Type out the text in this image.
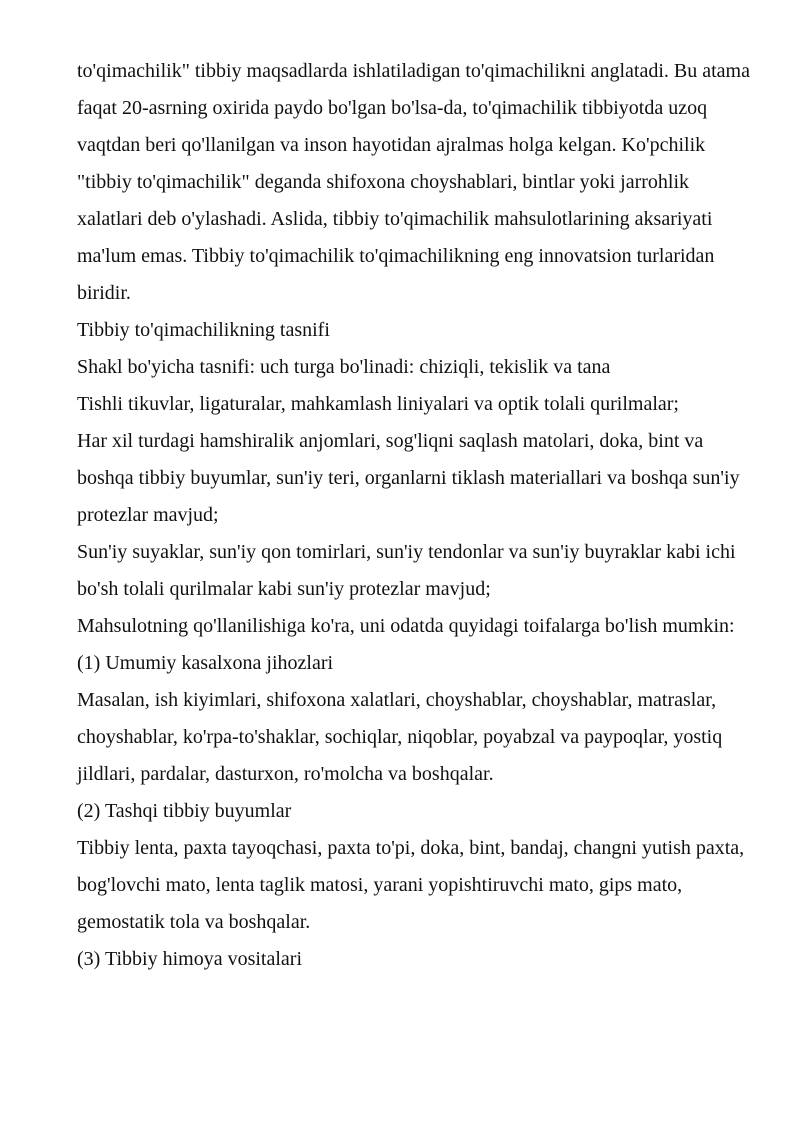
to'qimachilik" tibbiy maqsadlarda ishlatiladigan to'qimachilikni anglatadi. Bu atama faqat 20-asrning oxirida paydo bo'lgan bo'lsa-da, to'qimachilik tibbiyotda uzoq vaqtdan beri qo'llanilgan va inson hayotidan ajralmas holga kelgan. Ko'pchilik "tibbiy to'qimachilik" deganda shifoxona choyshablari, bintlar yoki jarrohlik xalatlari deb o'ylashadi. Aslida, tibbiy to'qimachilik mahsulotlarining aksariyati ma'lum emas. Tibbiy to'qimachilik to'qimachilikning eng innovatsion turlaridan biridir.

Tibbiy to'qimachilikning tasnifi

Shakl bo'yicha tasnifi: uch turga bo'linadi: chiziqli, tekislik va tana

Tishli tikuvlar, ligaturalar, mahkamlash liniyalari va optik tolali qurilmalar;

Har xil turdagi hamshiralik anjomlari, sog'liqni saqlash matolari, doka, bint va boshqa tibbiy buyumlar, sun'iy teri, organlarni tiklash materiallari va boshqa sun'iy protezlar mavjud;

Sun'iy suyaklar, sun'iy qon tomirlari, sun'iy tendonlar va sun'iy buyraklar kabi ichi bo'sh tolali qurilmalar kabi sun'iy protezlar mavjud;

Mahsulotning qo'llanilishiga ko'ra, uni odatda quyidagi toifalarga bo'lish mumkin:

(1) Umumiy kasalxona jihozlari

Masalan, ish kiyimlari, shifoxona xalatlari, choyshablar, choyshablar, matraslar, choyshablar, ko'rpa-to'shaklar, sochiqlar, niqoblar, poyabzal va paypoqlar, yostiq jildlari, pardalar, dasturxon, ro'molcha va boshqalar.

(2) Tashqi tibbiy buyumlar

Tibbiy lenta, paxta tayoqchasi, paxta to'pi, doka, bint, bandaj, changni yutish paxta, bog'lovchi mato, lenta taglik matosi, yarani yopishtiruvchi mato, gips mato, gemostatik tola va boshqalar.

(3) Tibbiy himoya vositalari
